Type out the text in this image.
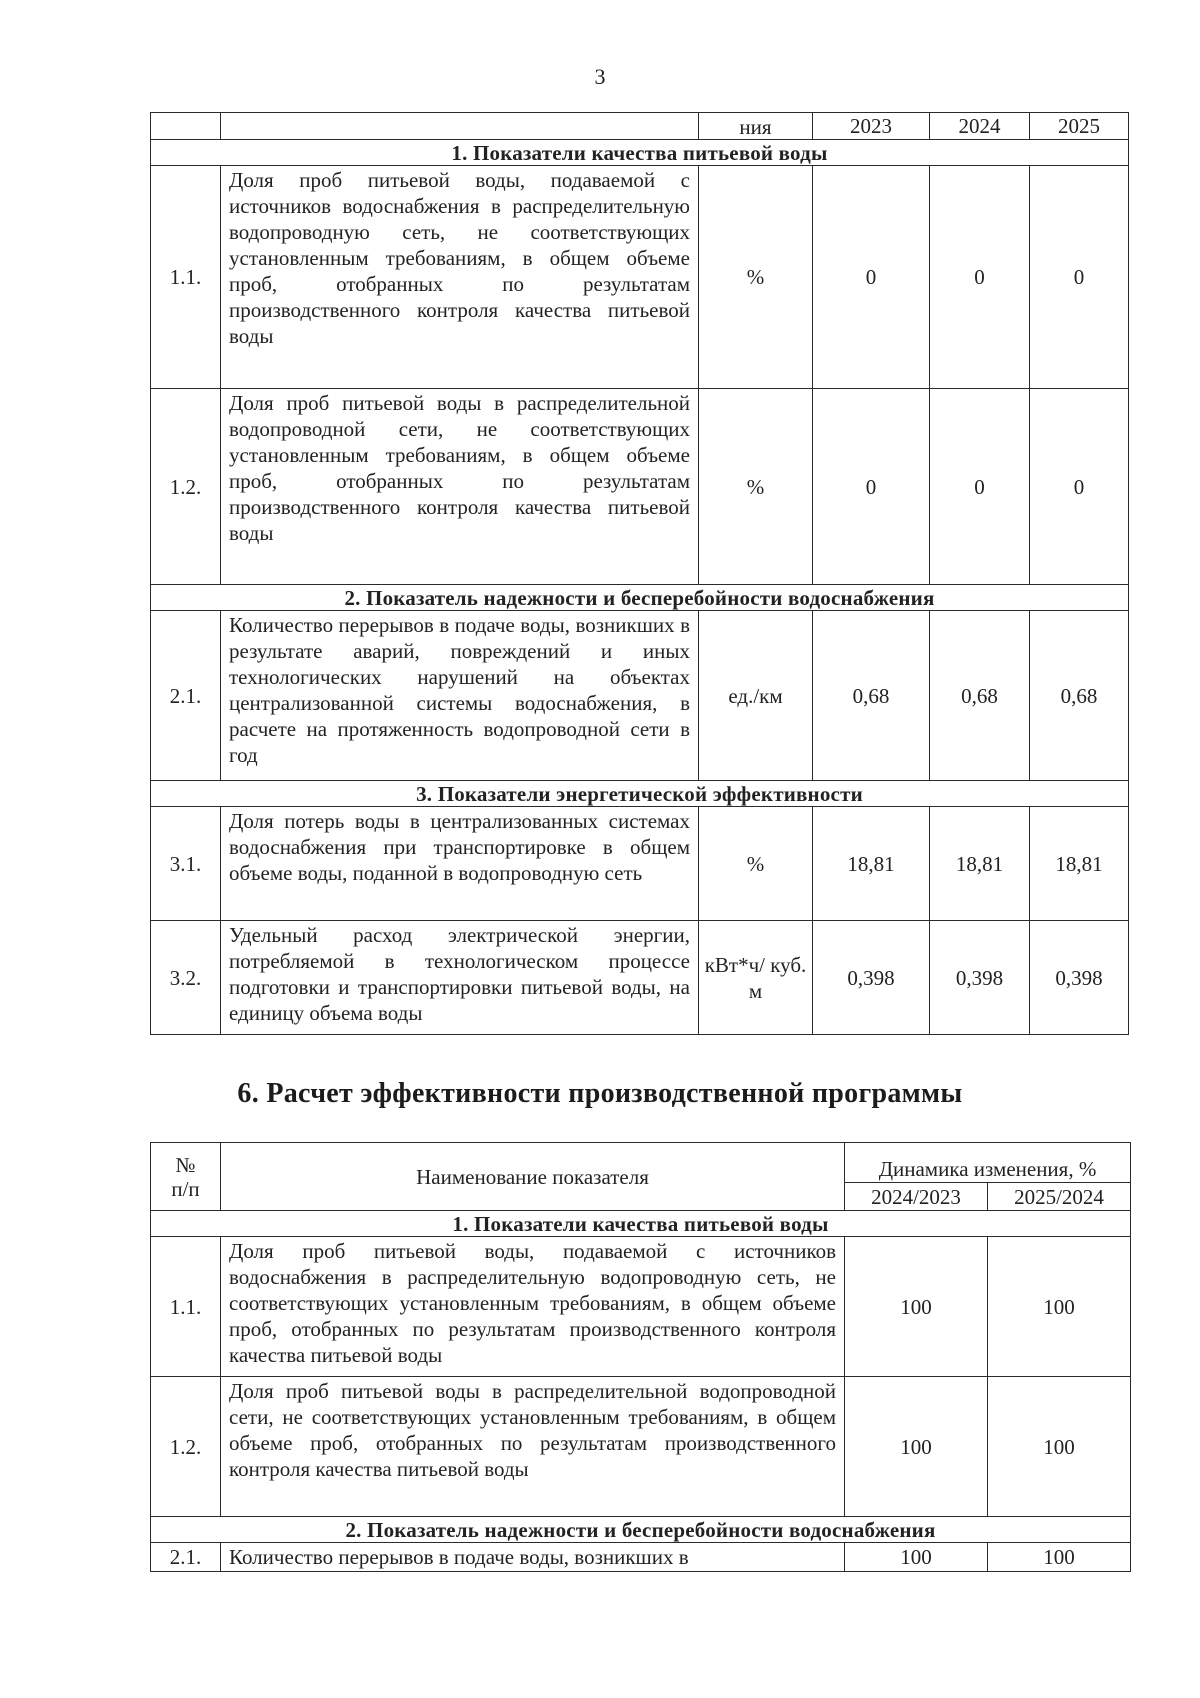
3
		ния	2023	2024	2025
1. Показатели качества питьевой воды					
1.1.	Доля проб питьевой воды, подаваемой с источников водоснабжения в распределительную водопроводную сеть, не соответствующих установленным требованиям, в общем объеме проб, отобранных по результатам производственного контроля качества питьевой воды	%	0	0	0
1.2.	Доля проб питьевой воды в распределительной водопроводной сети, не соответствующих установленным требованиям, в общем объеме проб, отобранных по результатам производственного контроля качества питьевой воды	%	0	0	0
2. Показатель надежности и бесперебойности водоснабжения					
2.1.	Количество перерывов в подаче воды, возникших в результате аварий, повреждений и иных технологических нарушений на объектах централизованной системы водоснабжения, в расчете на протяженность водопроводной сети в год	ед./км	0,68	0,68	0,68
3. Показатели энергетической эффективности					
3.1.	Доля потерь воды в централизованных системах водоснабжения при транспортировке в общем объеме воды, поданной в водопроводную сеть	%	18,81	18,81	18,81
3.2.	Удельный расход электрической энергии, потребляемой в технологическом процессе подготовки и транспортировки питьевой воды, на единицу объема воды	кВт*ч/ куб. м	0,398	0,398	0,398
6. Расчет эффективности производственной программы
№ п/п	Наименование показателя	Динамика изменения, %	
		2024/2023	2025/2024
1. Показатели качества питьевой воды			
1.1.	Доля проб питьевой воды, подаваемой с источников водоснабжения в распределительную водопроводную сеть, не соответствующих установленным требованиям, в общем объеме проб, отобранных по результатам производственного контроля качества питьевой воды	100	100
1.2.	Доля проб питьевой воды в распределительной водопроводной сети, не соответствующих установленным требованиям, в общем объеме проб, отобранных по результатам производственного контроля качества питьевой воды	100	100
2. Показатель надежности и бесперебойности водоснабжения			
2.1.	Количество перерывов в подаче воды, возникших в	100	100
